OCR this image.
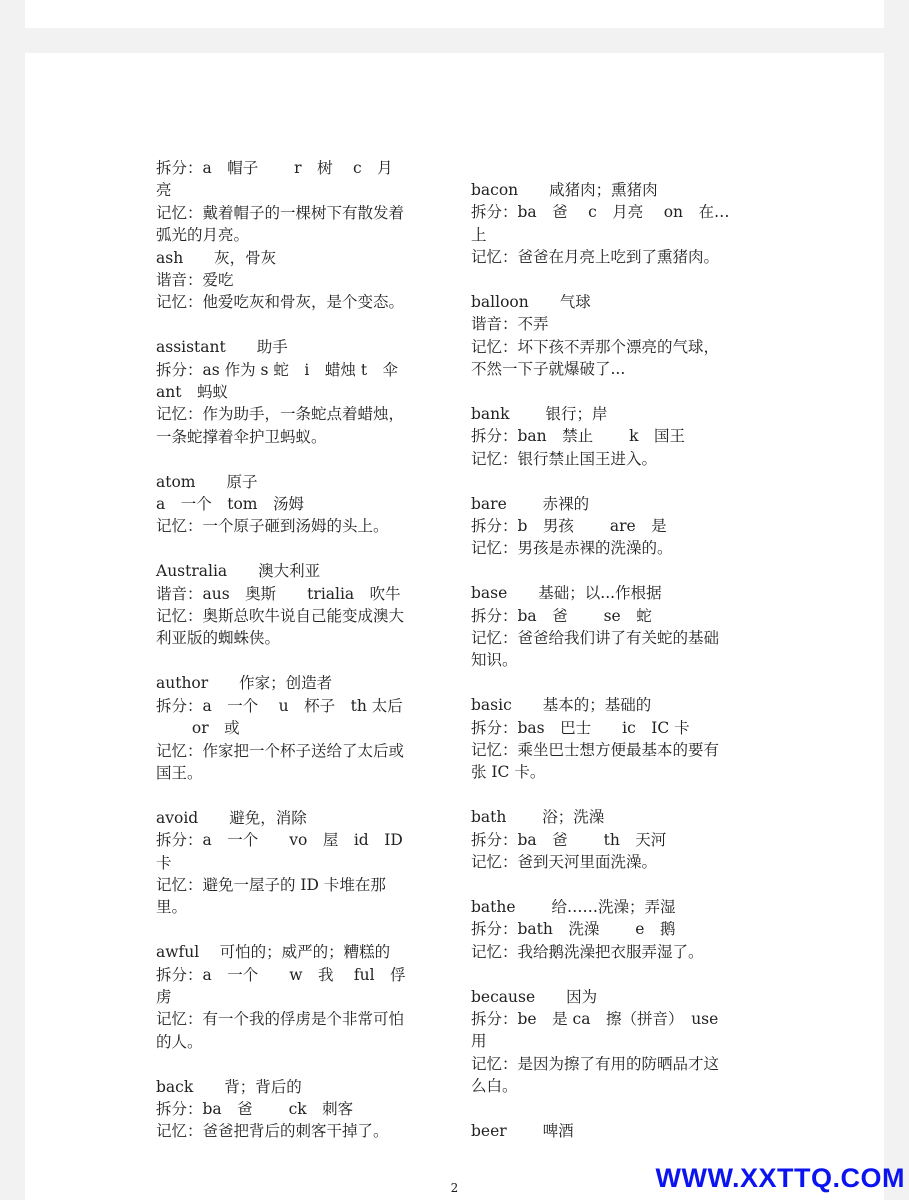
拆分：a　帽子　　 r　树　 c　月
亮
记忆：戴着帽子的一棵树下有散发着
弧光的月亮。
ash　　灰，骨灰
谐音：爱吃
记忆：他爱吃灰和骨灰，是个变态。
assistant　　助手
拆分：as 作为 s 蛇　i　蜡烛 t　伞
ant　蚂蚁
记忆：作为助手，一条蛇点着蜡烛，
一条蛇撑着伞护卫蚂蚁。
atom　　原子
a　一个　tom　汤姆
记忆：一个原子砸到汤姆的头上。
Australia　　澳大利亚
谐音：aus　奥斯　　trialia　吹牛
记忆：奥斯总吹牛说自己能变成澳大
利亚版的蜘蛛侠。
author　　作家；创造者
拆分：a　一个　 u　杯子　th 太后
　　 or　或
记忆：作家把一个杯子送给了太后或
国王。
avoid　　避免，消除
拆分：a　一个　　vo　屋　id　ID
卡
记忆：避免一屋子的 ID 卡堆在那
里。
awful　 可怕的；威严的；糟糕的
拆分：a　一个　　w　我　 ful　俘
虏
记忆：有一个我的俘虏是个非常可怕
的人。
back　　背；背后的
拆分：ba　爸　　 ck　刺客
记忆：爸爸把背后的刺客干掉了。
bacon　　咸猪肉；熏猪肉
拆分：ba　爸　 c　月亮　 on　在…
上
记忆：爸爸在月亮上吃到了熏猪肉。
balloon　　气球
谐音：不弄
记忆：坏下孩不弄那个漂亮的气球，
不然一下子就爆破了...
bank　　 银行；岸
拆分：ban　禁止　　 k　国王
记忆：银行禁止国王进入。
bare　　 赤裸的
拆分：b　男孩　　 are　是
记忆：男孩是赤裸的洗澡的。
base　　基础；以...作根据
拆分：ba　爸　　 se　蛇
记忆：爸爸给我们讲了有关蛇的基础
知识。
basic　　基本的；基础的
拆分：bas　巴士　　ic　IC 卡
记忆：乘坐巴士想方便最基本的要有
张 IC 卡。
bath　　 浴；洗澡
拆分：ba　爸　　 th　天河
记忆：爸到天河里面洗澡。
bathe　　 给……洗澡；弄湿
拆分：bath　洗澡　　 e　鹅
记忆：我给鹅洗澡把衣服弄湿了。
because　　因为
拆分：be　是 ca　擦（拼音）　use
用
记忆：是因为擦了有用的防晒品才这
么白。
beer　　 啤酒
2	WWW.XXTTQ.COM
